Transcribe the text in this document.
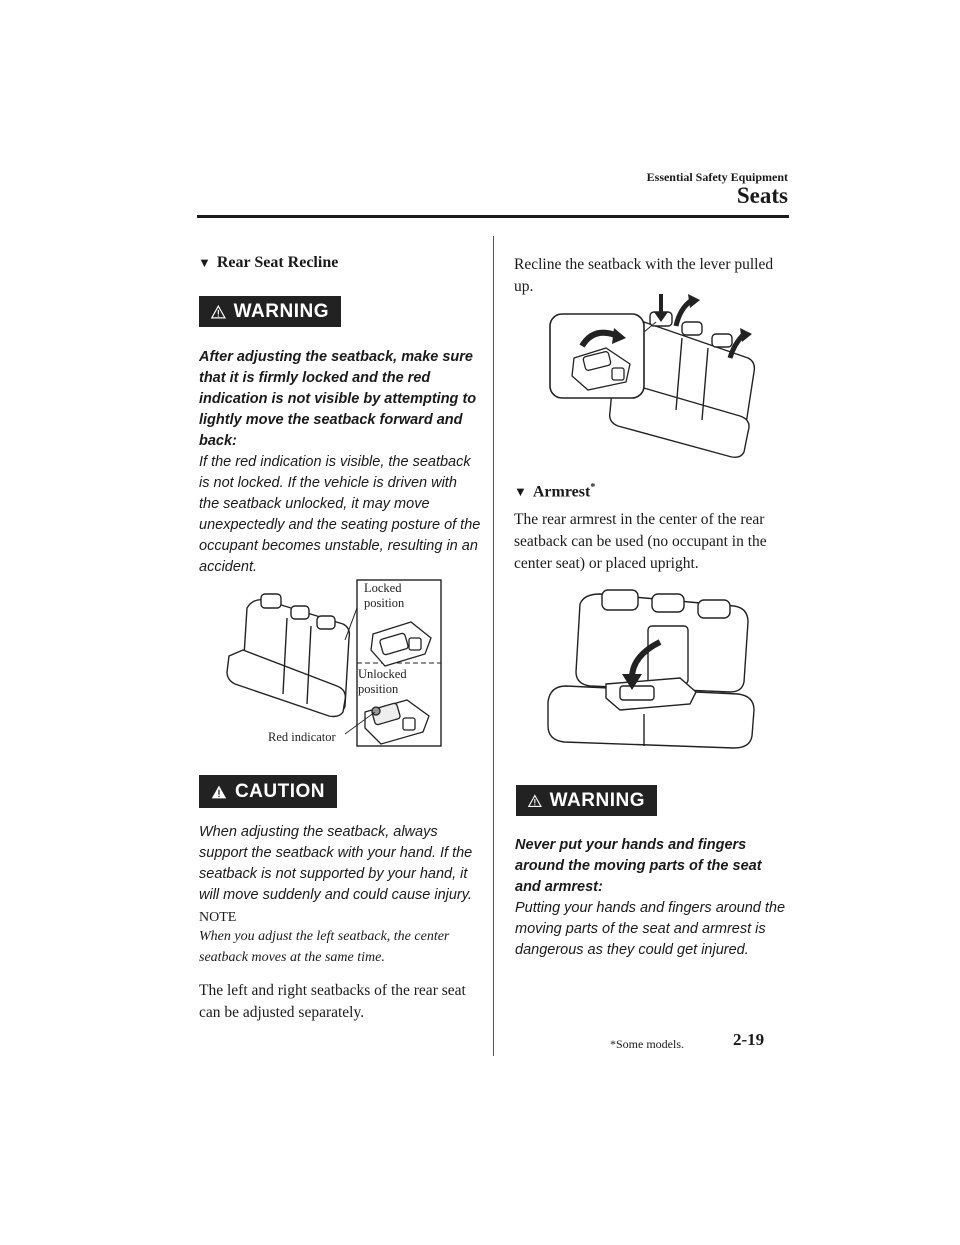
Essential Safety Equipment
Seats
▼ Rear Seat Recline
WARNING
After adjusting the seatback, make sure that it is firmly locked and the red indication is not visible by attempting to lightly move the seatback forward and back:
If the red indication is visible, the seatback is not locked. If the vehicle is driven with the seatback unlocked, it may move unexpectedly and the seating posture of the occupant becomes unstable, resulting in an accident.
Locked position
Unlocked position
Red indicator
CAUTION
When adjusting the seatback, always support the seatback with your hand. If the seatback is not supported by your hand, it will move suddenly and could cause injury.
NOTE
When you adjust the left seatback, the center seatback moves at the same time.
The left and right seatbacks of the rear seat can be adjusted separately.
Recline the seatback with the lever pulled up.
▼ Armrest*
The rear armrest in the center of the rear seatback can be used (no occupant in the center seat) or placed upright.
WARNING
Never put your hands and fingers around the moving parts of the seat and armrest:
Putting your hands and fingers around the moving parts of the seat and armrest is dangerous as they could get injured.
*Some models.	2-19
